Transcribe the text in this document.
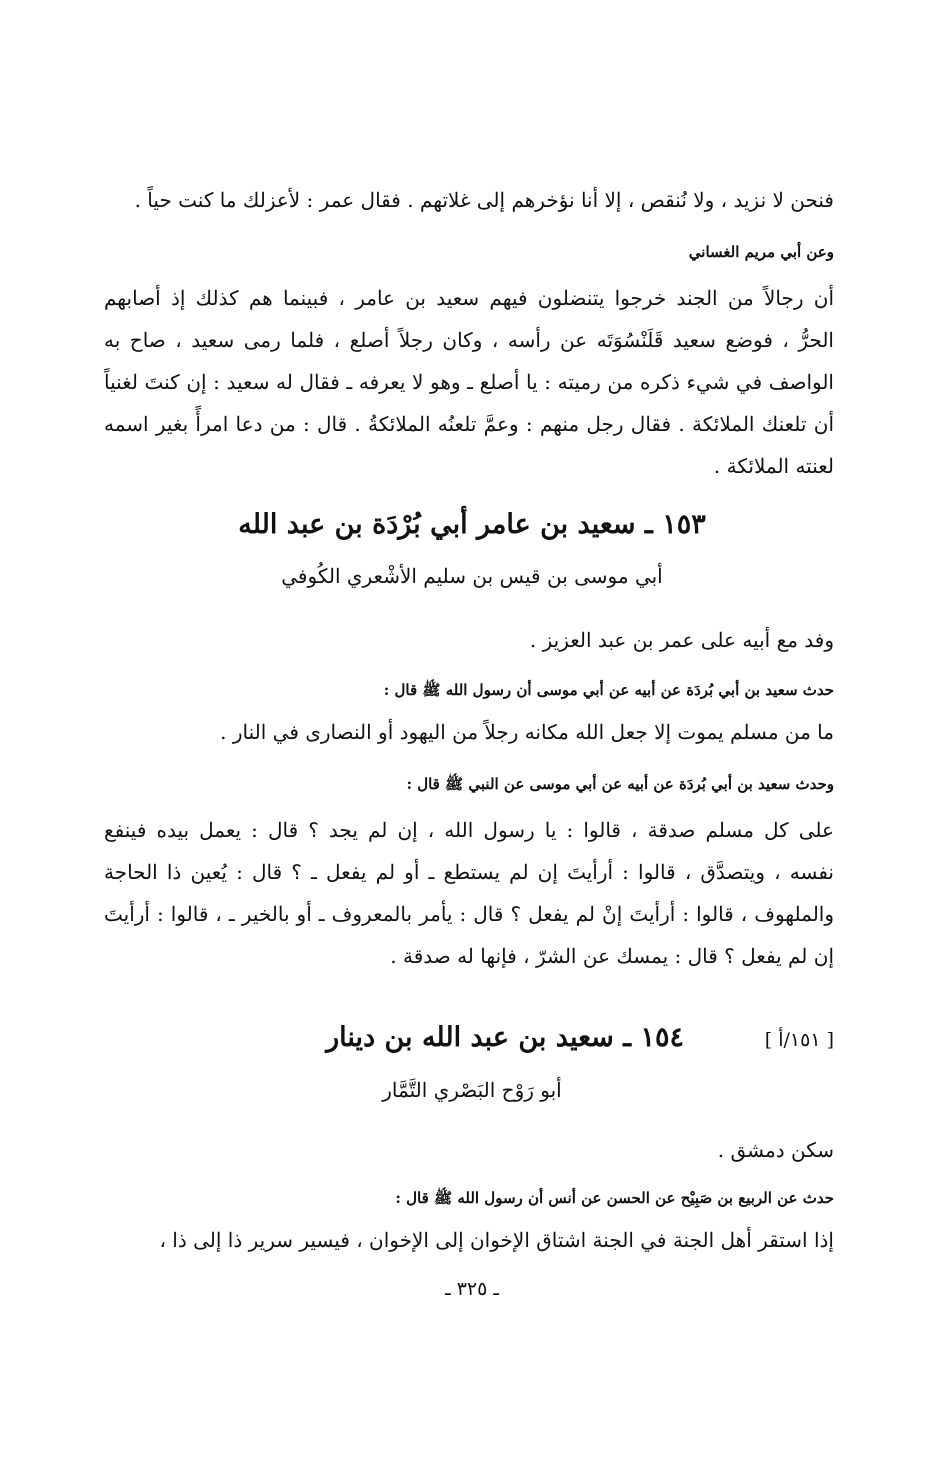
فنحن لا نزيد ، ولا نُنقص ، إلا أنا نؤخرهم إلى غلاتهم . فقال عمر : لأعزلك ما كنت حياً .
وعن أبي مريم الغساني
أن رجالاً من الجند خرجوا يتنضلون فيهم سعيد بن عامر ، فبينما هم كذلك إذ أصابهم
الحرُّ ، فوضع سعيد قَلَنْسُوَتَه عن رأسه ، وكان رجلاً أصلع ، فلما رمى سعيد ، صاح به
الواصف في شيء ذكره من رميته : يا أصلع ـ وهو لا يعرفه ـ فقال له سعيد : إن كنتَ لغنياً
أن تلعنك الملائكة . فقال رجل منهم : وعمَّ تلعنُه الملائكةُ . قال : من دعا امرأً بغير اسمه
لعنته الملائكة .
١٥٣ ـ سعيد بن عامر أبي بُرْدَة بن عبد الله
أبي موسى بن قيس بن سليم الأشْعري الكُوفي
وفد مع أبيه على عمر بن عبد العزيز .
حدث سعيد بن أبي بُردَة عن أبيه عن أبي موسى أن رسول الله ﷺ قال :
ما من مسلم يموت إلا جعل الله مكانه رجلاً من اليهود أو النصارى في النار .
وحدث سعيد بن أبي بُردَة عن أبيه عن أبي موسى عن النبي ﷺ قال :
على كل مسلم صدقة ، قالوا : يا رسول الله ، إن لم يجد ؟ قال : يعمل بيده فينفع
نفسه ، ويتصدَّق ، قالوا : أرأيتَ إن لم يستطع ـ أو لم يفعل ـ ؟ قال : يُعين ذا الحاجة
والملهوف ، قالوا : أرأيتَ إنْ لم يفعل ؟ قال : يأمر بالمعروف ـ أو بالخير ـ ، قالوا : أرأيتَ
إن لم يفعل ؟ قال : يمسك عن الشرّ ، فإنها له صدقة .
[ ١٥١/أ ]
١٥٤ ـ سعيد بن عبد الله بن دينار
أبو رَوْح البَصْري التَّمَّار
سكن دمشق .
حدث عن الربيع بن صَبِيْح عن الحسن عن أنس أن رسول الله ﷺ قال :
إذا استقر أهل الجنة في الجنة اشتاق الإخوان إلى الإخوان ، فيسير سرير ذا إلى ذا ،
ـ ٣٢٥ ـ
